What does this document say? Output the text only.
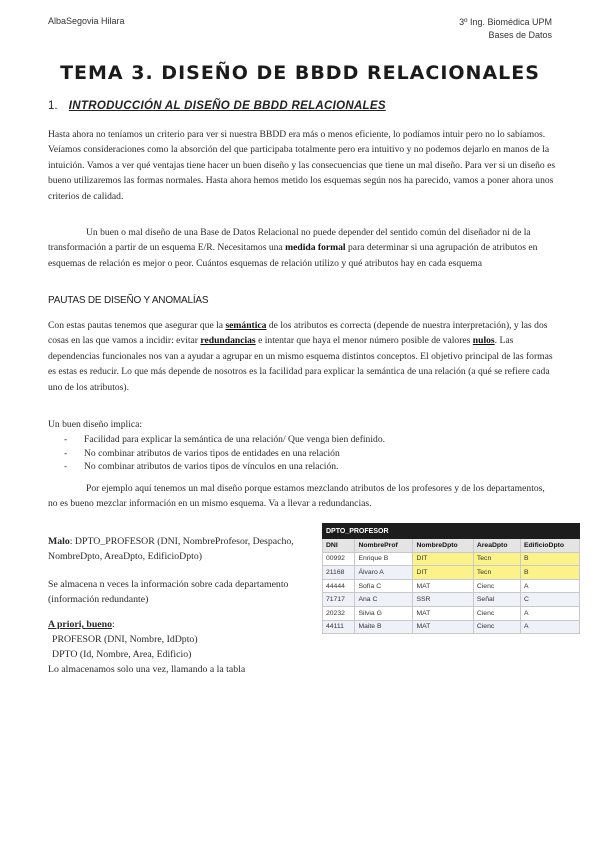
AlbaSegovia Hilara	3º Ing. Biomédica UPM
Bases de Datos
TEMA 3. DISEÑO DE BBDD RELACIONALES
1. INTRODUCCIÓN AL DISEÑO DE BBDD RELACIONALES
Hasta ahora no teníamos un criterio para ver si nuestra BBDD era más o menos eficiente, lo podíamos intuir pero no lo sabíamos. Veíamos consideraciones como la absorción del que participaba totalmente pero era intuitivo y no podemos dejarlo en manos de la intuición. Vamos a ver qué ventajas tiene hacer un buen diseño y las consecuencias que tiene un mal diseño. Para ver si un diseño es bueno utilizaremos las formas normales. Hasta ahora hemos metido los esquemas según nos ha parecido, vamos a poner ahora unos criterios de calidad.
Un buen o mal diseño de una Base de Datos Relacional no puede depender del sentido común del diseñador ni de la transformación a partir de un esquema E/R. Necesitamos una medida formal para determinar si una agrupación de atributos en esquemas de relación es mejor o peor. Cuántos esquemas de relación utilizo y qué atributos hay en cada esquema
PAUTAS DE DISEÑO Y ANOMALÍAS
Con estas pautas tenemos que asegurar que la semántica de los atributos es correcta (depende de nuestra interpretación), y las dos cosas en las que vamos a incidir: evitar redundancias e intentar que haya el menor número posible de valores nulos. Las dependencias funcionales nos van a ayudar a agrupar en un mismo esquema distintos conceptos. El objetivo principal de las formas es estas es reducir. Lo que más depende de nosotros es la facilidad para explicar la semántica de una relación (a qué se refiere cada uno de los atributos).
Un buen diseño implica:
- Facilidad para explicar la semántica de una relación/ Que venga bien definido.
- No combinar atributos de varios tipos de entidades en una relación
- No combinar atributos de varios tipos de vínculos en una relación.
Por ejemplo aquí tenemos un mal diseño porque estamos mezclando atributos de los profesores y de los departamentos, no es bueno mezclar información en un mismo esquema. Va a llevar a redundancias.
Malo: DPTO_PROFESOR (DNI, NombreProfesor, Despacho, NombreDpto, AreaDpto, EdificioDpto)
Se almacena n veces la información sobre cada departamento (información redundante)
A priori, bueno:
PROFESOR (DNI, Nombre, IdDpto)
DPTO (Id, Nombre, Area, Edificio)
Lo almacenamos solo una vez, llamando a la tabla
DPTO_PROFESOR				
DNI	NombreProf	NombreDpto	AreaDpto	EdificioDpto
00992	Enrique B	DIT	Tecn	B
21168	Álvaro A	DIT	Tecn	B
44444	Sofía C	MAT	Cienc	A
71717	Ana C	SSR	Señal	C
20232	Silvia G	MAT	Cienc	A
44111	Maite B	MAT	Cienc	A
